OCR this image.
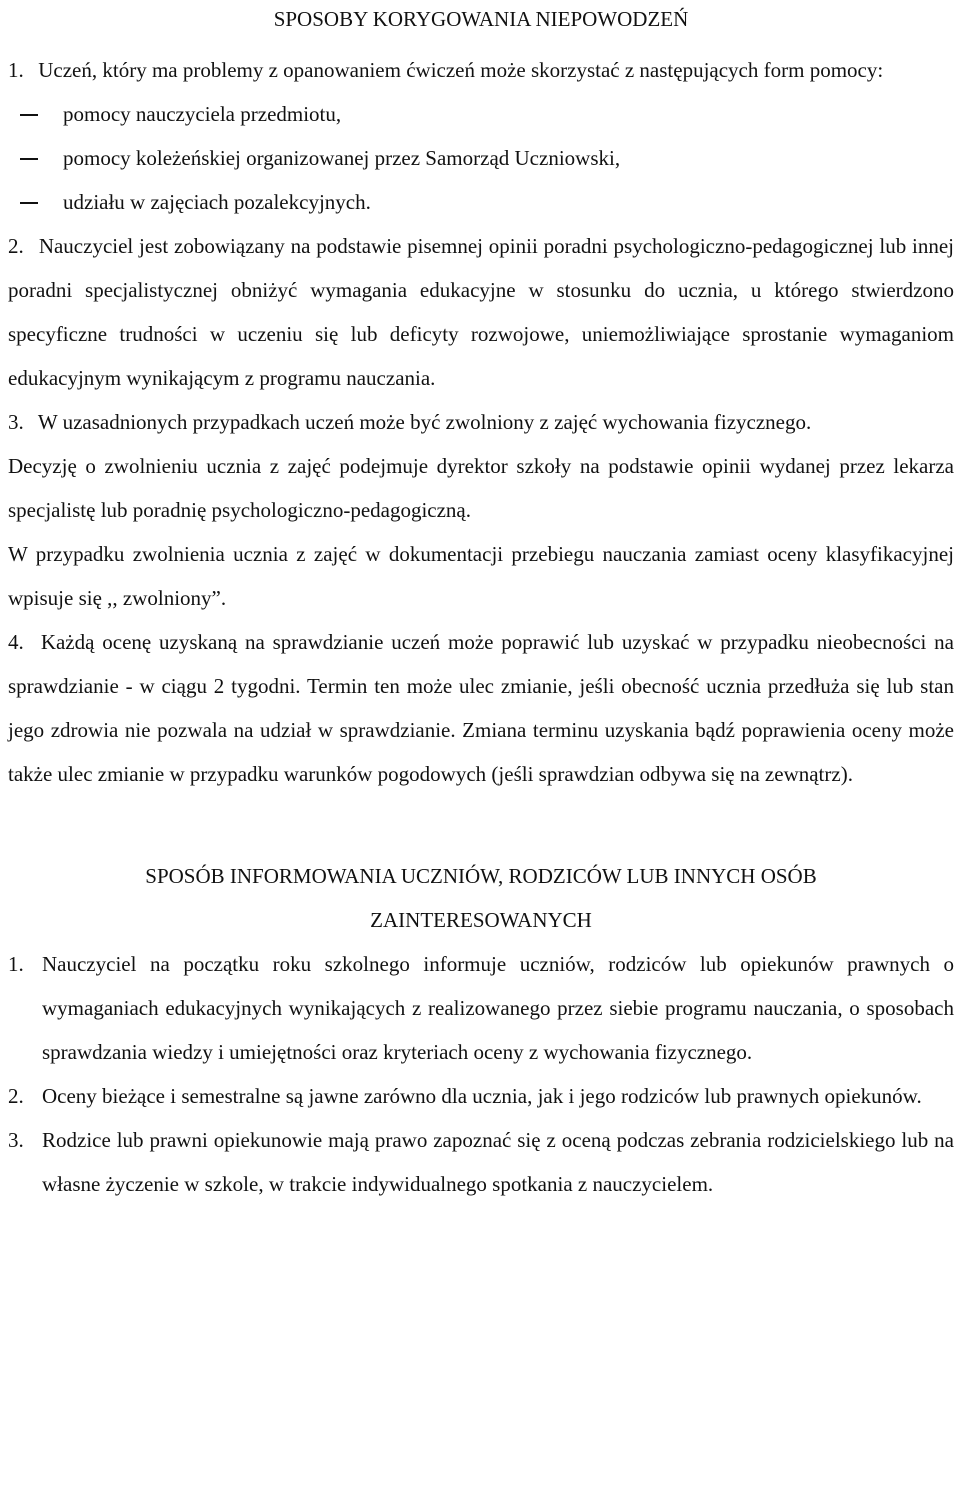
SPOSOBY KORYGOWANIA NIEPOWODZEŃ

1. Uczeń, który ma problemy z opanowaniem ćwiczeń może skorzystać z następujących form pomocy:

pomocy nauczyciela przedmiotu,
pomocy koleżeńskiej organizowanej przez Samorząd Uczniowski,
udziału w zajęciach pozalekcyjnych.

2. Nauczyciel jest zobowiązany na podstawie pisemnej opinii poradni psychologiczno-pedagogicznej lub innej poradni specjalistycznej obniżyć wymagania edukacyjne w stosunku do ucznia, u którego stwierdzono specyficzne trudności w uczeniu się lub deficyty rozwojowe, uniemożliwiające sprostanie wymaganiom edukacyjnym wynikającym z programu nauczania.

3. W uzasadnionych przypadkach uczeń może być zwolniony z zajęć wychowania fizycznego.

Decyzję o zwolnieniu ucznia z zajęć podejmuje dyrektor szkoły na podstawie opinii wydanej przez lekarza specjalistę lub poradnię psychologiczno-pedagogiczną.

W przypadku zwolnienia ucznia z zajęć w dokumentacji przebiegu nauczania zamiast oceny klasyfikacyjnej wpisuje się ,, zwolniony”.

4. Każdą ocenę uzyskaną na sprawdzianie uczeń może poprawić lub uzyskać w przypadku nieobecności na sprawdzianie - w ciągu 2 tygodni. Termin ten może ulec zmianie, jeśli obecność ucznia przedłuża się lub stan jego zdrowia nie pozwala na udział w sprawdzianie. Zmiana terminu uzyskania bądź poprawienia oceny może także ulec zmianie w przypadku warunków pogodowych (jeśli sprawdzian odbywa się na zewnątrz).

SPOSÓB INFORMOWANIA UCZNIÓW, RODZICÓW LUB INNYCH OSÓB
ZAINTERESOWANYCH
1. Nauczyciel na początku roku szkolnego informuje uczniów, rodziców lub opiekunów prawnych o wymaganiach edukacyjnych wynikających z realizowanego przez siebie programu nauczania, o sposobach sprawdzania wiedzy i umiejętności oraz kryteriach oceny z wychowania fizycznego.
2. Oceny bieżące i semestralne są jawne zarówno dla ucznia, jak i jego rodziców lub prawnych opiekunów.
3. Rodzice lub prawni opiekunowie mają prawo zapoznać się z oceną podczas zebrania rodzicielskiego lub na własne życzenie w szkole, w trakcie indywidualnego spotkania z nauczycielem.
